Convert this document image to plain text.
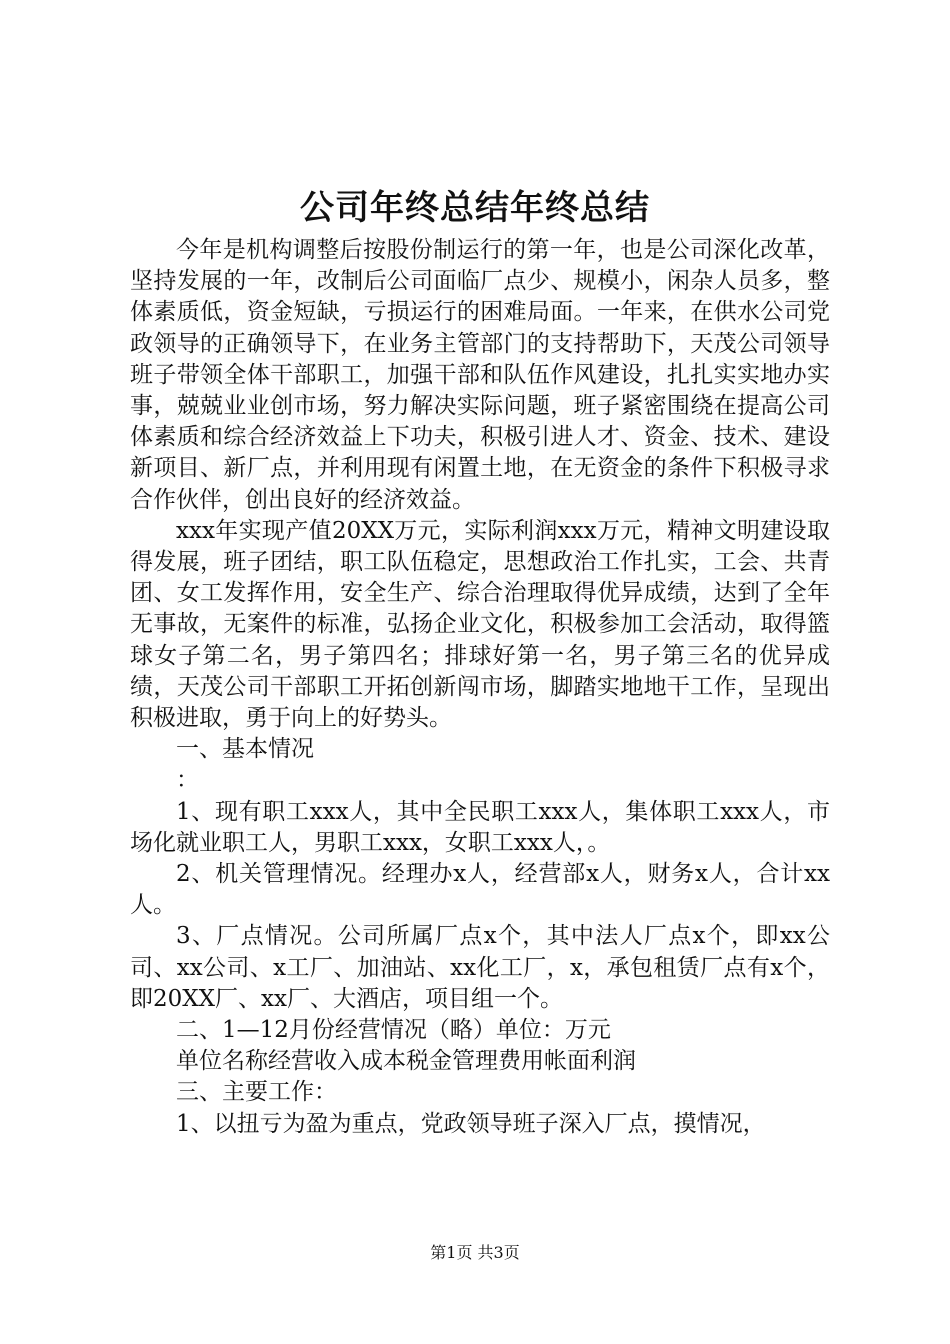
公司年终总结年终总结

今年是机构调整后按股份制运行的第一年，也是公司深化改革，坚持发展的一年，改制后公司面临厂点少、规模小，闲杂人员多，整体素质低，资金短缺，亏损运行的困难局面。一年来，在供水公司党政领导的正确领导下，在业务主管部门的支持帮助下，天茂公司领导班子带领全体干部职工，加强干部和队伍作风建设，扎扎实实地办实事，兢兢业业创市场，努力解决实际问题，班子紧密围绕在提高公司体素质和综合经济效益上下功夫，积极引进人才、资金、技术、建设新项目、新厂点，并利用现有闲置土地，在无资金的条件下积极寻求合作伙伴，创出良好的经济效益。

xxx年实现产值20XX万元，实际利润xxx万元，精神文明建设取得发展，班子团结，职工队伍稳定，思想政治工作扎实，工会、共青团、女工发挥作用，安全生产、综合治理取得优异成绩，达到了全年无事故，无案件的标准，弘扬企业文化，积极参加工会活动，取得篮球女子第二名，男子第四名；排球好第一名，男子第三名的优异成绩，天茂公司干部职工开拓创新闯市场，脚踏实地地干工作，呈现出积极进取，勇于向上的好势头。

一、基本情况

：

1、现有职工xxx人，其中全民职工xxx人，集体职工xxx人，市场化就业职工人，男职工xxx，女职工xxx人，。

2、机关管理情况。经理办x人，经营部x人，财务x人，合计xx人。

3、厂点情况。公司所属厂点x个，其中法人厂点x个，即xx公司、xx公司、x工厂、加油站、xx化工厂，x，承包租赁厂点有x个，即20XX厂、xx厂、大酒店，项目组一个。

二、1—12月份经营情况（略）单位：万元

单位名称经营收入成本税金管理费用帐面利润

三、主要工作：

1、以扭亏为盈为重点，党政领导班子深入厂点，摸情况，

第1页 共3页
